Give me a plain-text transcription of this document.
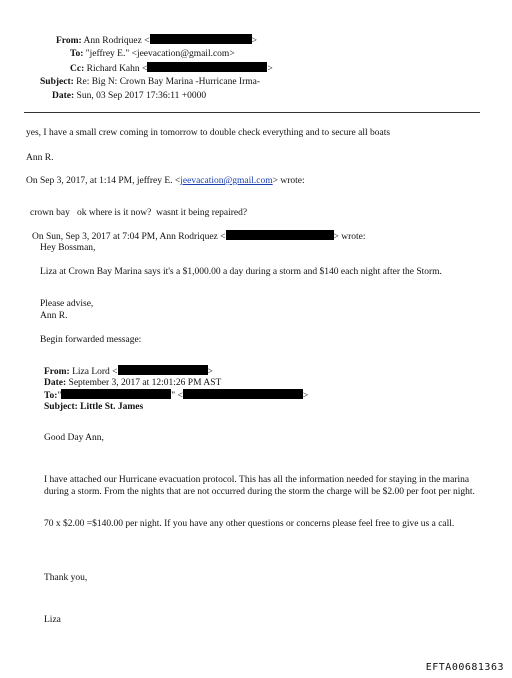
From: Ann Rodriquez <	>
To: "jeffrey E." <jeevacation@gmail.com>
Cc: Richard Kahn <	>
Subject: Re: Big N: Crown Bay Marina -Hurricane Irma-
Date: Sun, 03 Sep 2017 17:36:11 +0000
yes, I have a small crew coming in tomorrow to double check everything and to secure all boats
Ann R.
On Sep 3, 2017, at 1:14 PM, jeffrey E. <jeevacation@gmail.com> wrote:
crown bay   ok where is it now?  wasnt it being repaired?
On Sun, Sep 3, 2017 at 7:04 PM, Ann Rodriquez <	> wrote:
Hey Bossman,
Liza at Crown Bay Marina says it's a $1,000.00 a day during a storm and $140 each night after the Storm.
Please advise,
Ann R.
Begin forwarded message:
From: Liza Lord <	>
Date: September 3, 2017 at 12:01:26 PM AST
To:"	" <	>
Subject: Little St. James
Good Day Ann,
I have attached our Hurricane evacuation protocol. This has all the information needed for staying in the marina during a storm. From the nights that are not occurred during the storm the charge will be $2.00 per foot per night.
70 x $2.00 =$140.00 per night. If you have any other questions or concerns please feel free to give us a call.
Thank you,
Liza
EFTA00681363
